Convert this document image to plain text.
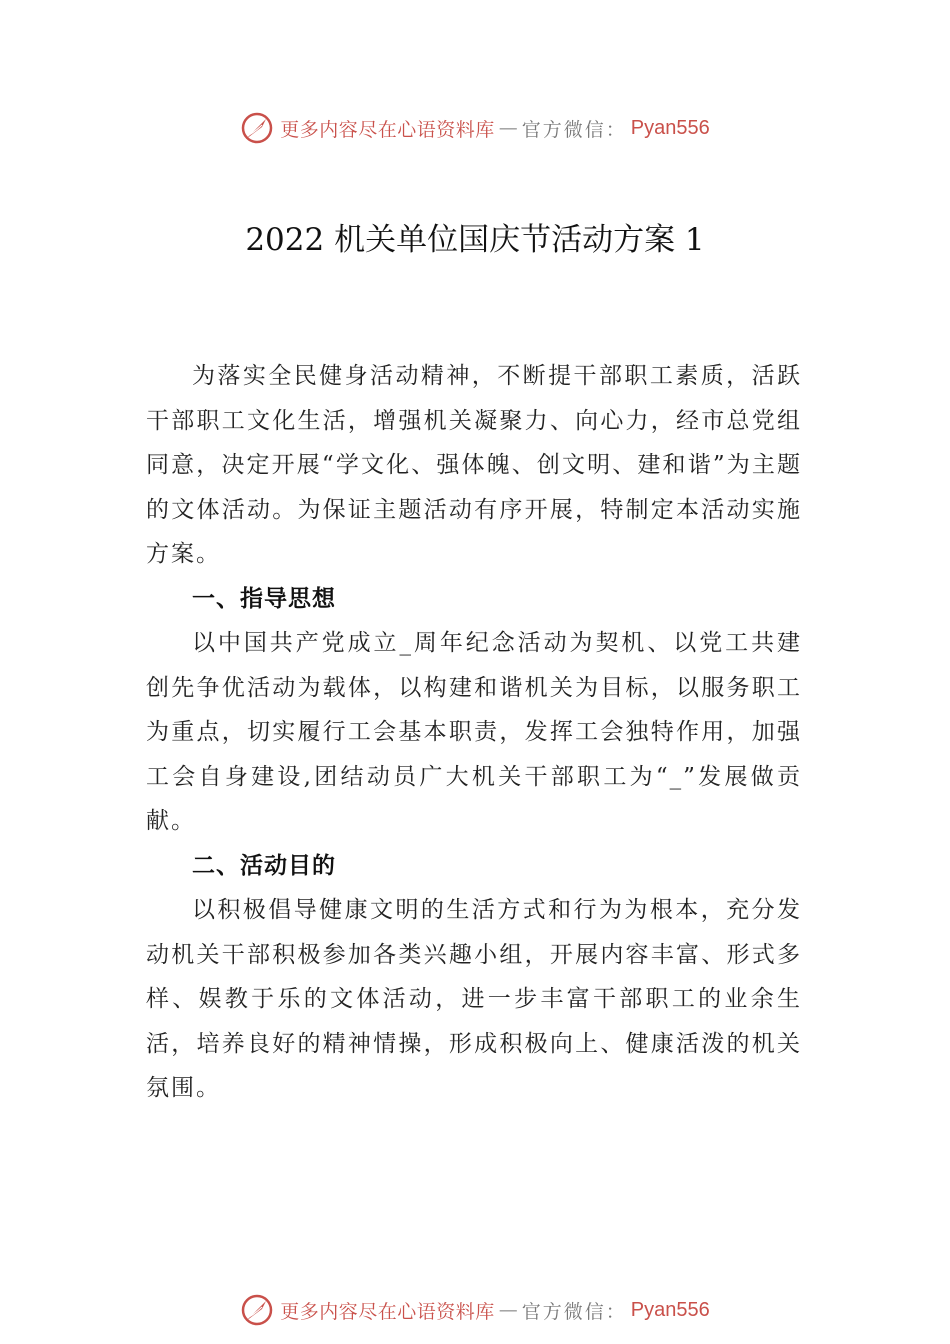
更多内容尽在心语资料库 — 官方微信： Pyan556
2022 机关单位国庆节活动方案 1

为落实全民健身活动精神，不断提干部职工素质，活跃干部职工文化生活，增强机关凝聚力、向心力，经市总党组同意，决定开展“学文化、强体魄、创文明、建和谐”为主题的文体活动。为保证主题活动有序开展，特制定本活动实施方案。

一、指导思想

以中国共产党成立_周年纪念活动为契机、以党工共建创先争优活动为载体，以构建和谐机关为目标，以服务职工为重点，切实履行工会基本职责，发挥工会独特作用，加强工会自身建设,团结动员广大机关干部职工为“_”发展做贡献。

二、活动目的

以积极倡导健康文明的生活方式和行为为根本，充分发动机关干部积极参加各类兴趣小组，开展内容丰富、形式多样、娱教于乐的文体活动，进一步丰富干部职工的业余生活，培养良好的精神情操，形成积极向上、健康活泼的机关氛围。

更多内容尽在心语资料库 — 官方微信： Pyan556
